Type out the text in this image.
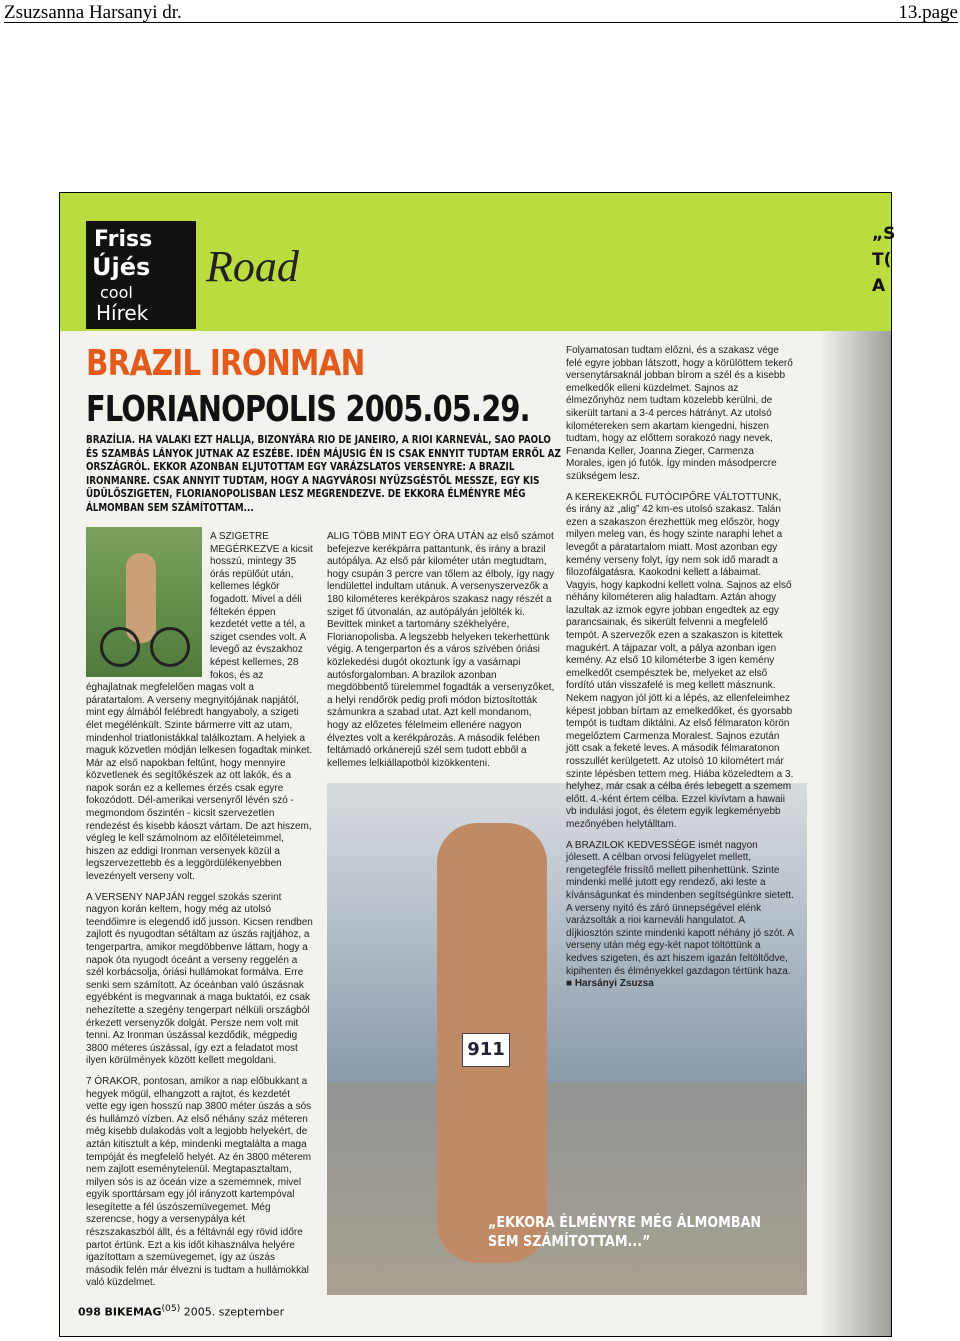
Zsuzsanna Harsanyi dr.	13.page
Friss
Újés
cool
Hírek
Road
„S
T(
A
BRAZIL IRONMAN
FLORIANOPOLIS 2005.05.29.
BRAZÍLIA. HA VALAKI EZT HALLJA, BIZONYÁRA RIO DE JANEIRO, A RIOI KARNEVÁL, SAO PAOLO ÉS SZAMBÁS LÁNYOK JUTNAK AZ ESZÉBE. IDÉN MÁJUSIG ÉN IS CSAK ENNYIT TUDTAM ERRŐL AZ ORSZÁGRÓL. EKKOR AZONBAN ELJUTOTTAM EGY VARÁZSLATOS VERSENYRE: A BRAZIL IRONMANRE. CSAK ANNYIT TUDTAM, HOGY A NAGYVÁROSI NYÜZSGÉSTŐL MESSZE, EGY KIS ÜDÜLŐSZIGETEN, FLORIANOPOLISBAN LESZ MEGRENDEZVE. DE EKKORA ÉLMÉNYRE MÉG ÁLMOMBAN SEM SZÁMÍTOTTAM...

A SZIGETRE MEGÉRKEZVE a kicsit hosszú, mintegy 35 órás repülőút után, kellemes légkör fogadott. Mivel a déli féltekén éppen kezdetét vette a tél, a sziget csendes volt. A levegő az évszakhoz képest kellemes, 28 fokos, és az éghajlatnak megfelelően magas volt a páratartalom. A verseny megnyitójának napjától, mint egy álmából felébredt hangyaboly, a szigeti élet megélénkült. Szinte bármerre vitt az utam, mindenhol triatlonistákkal találkoztam. A helyiek a maguk közvetlen módján lelkesen fogadtak minket. Már az első napokban feltűnt, hogy mennyire közvetlenek és segítőkészek az ott lakók, és a napok során ez a kellemes érzés csak egyre fokozódott. Dél-amerikai versenyről lévén szó - megmondom őszintén - kicsit szervezetlen rendezést és kisebb káoszt vártam. De azt hiszem, végleg le kell számolnom az előítéleteimmel, hiszen az eddigi Ironman versenyek közül a legszervezettebb és a leggördülékenyebben levezényelt verseny volt.

A VERSENY NAPJÁN reggel szokás szerint nagyon korán keltem, hogy még az utolsó teendőimre is elegendő idő jusson. Kicsen rendben zajlott és nyugodtan sétáltam az úszás rajtjához, a tengerpartra, amikor megdöbbenve láttam, hogy a napok óta nyugodt óceánt a verseny reggelén a szél korbácsolja, óriási hullámokat formálva. Erre senki sem számított. Az óceánban való úszásnak egyébként is megvannak a maga buktatói, ez csak nehezítette a szegény tengerpart nélküli országból érkezett versenyzők dolgát. Persze nem volt mit tenni. Az Ironman úszással kezdődik, mégpedig 3800 méteres úszással, így ezt a feladatot most ilyen körülmények között kellett megoldani.

7 ÓRAKOR, pontosan, amikor a nap előbukkant a hegyek mögül, elhangzott a rajtot, és kezdetét vette egy igen hosszú nap 3800 méter úszás a sós és hullámzó vízben. Az első néhány száz méteren még kisebb dulakodás volt a legjobb helyekért, de aztán kitisztult a kép, mindenki megtalálta a maga tempóját és megfelelő helyét. Az én 3800 méterem nem zajlott eseménytelenül. Megtapasztaltam, milyen sós is az óceán vize a szememnek, mivel egyik sporttársam egy jól irányzott kartempóval lesegítette a fél úszószemüvegemet. Még szerencse, hogy a versenypálya két részszakaszból állt, és a féltávnál egy rövid időre partot értünk. Ezt a kis időt kihasználva helyére igazítottam a szemüvegemet, így az úszás második felén már élvezni is tudtam a hullámokkal való küzdelmet.

ALIG TÖBB MINT EGY ÓRA UTÁN az első számot befejezve kerékpárra pattantunk, és irány a brazil autópálya. Az első pár kilométer után megtudtam, hogy csupán 3 percre van tőlem az élboly, így nagy lendülettel indultam utánuk. A versenyszervezők a 180 kilométeres kerékpáros szakasz nagy részét a sziget fő útvonalán, az autópályán jelölték ki. Bevittek minket a tartomány székhelyére, Florianopolisba. A legszebb helyeken tekerhettünk végig. A tengerparton és a város szívében óriási közlekedési dugót okoztunk így a vasárnapi autósforgalomban. A brazilok azonban megdöbbentő türelemmel fogadták a versenyzőket, a helyi rendőrök pedig profi módon biztosították számunkra a szabad utat. Azt kell mondanom, hogy az előzetes félelmeim ellenére nagyon élveztes volt a kerékpározás. A második felében feltámadó orkánerejű szél sem tudott ebből a kellemes lelkiállapotból kizökkenteni.

911
„EKKORA ÉLMÉNYRE MÉG ÁLMOMBAN SEM SZÁMÍTOTTAM...”

Folyamatosan tudtam előzni, és a szakasz vége felé egyre jobban látszott, hogy a körülöttem tekerő versenytársaknál jobban bírom a szél és a kisebb emelkedők elleni küzdelmet. Sajnos az élmezőnyhöz nem tudtam közelebb kerülni, de sikerült tartani a 3-4 perces hátrányt. Az utolsó kilométereken sem akartam kiengedni, hiszen tudtam, hogy az előttem sorakozó nagy nevek, Fenanda Keller, Joanna Zieger, Carmenza Morales, igen jó futók. Így minden másodpercre szükségem lesz.

A KEREKEKRŐL FUTÓCIPŐRE VÁLTOTTUNK, és irány az „alig” 42 km-es utolsó szakasz. Talán ezen a szakaszon érezhettük meg először, hogy milyen meleg van, és hogy szinte naraphi lehet a levegőt a páratartalom miatt. Most azonban egy kemény verseny folyt, így nem sok idő maradt a filozofálgatásra. Kaokodni kellett a lábaimat. Vagyis, hogy kapkodni kellett volna. Sajnos az első néhány kilométeren alig haladtam. Aztán ahogy lazultak az izmok egyre jobban engedtek az egy parancsainak, és sikerült felvenni a megfelelő tempót. A szervezők ezen a szakaszon is kitettek magukért. A tájpazar volt, a pálya azonban igen kemény. Az első 10 kilométerbe 3 igen kemény emelkedőt csempésztek be, melyeket az első fordító után visszafelé is meg kellett másznunk. Nekem nagyon jól jött ki a lépés, az ellenfeleimhez képest jobban bírtam az emelkedőket, és gyorsabb tempót is tudtam diktálni. Az első félmaraton körön megelőztem Carmenza Moralest. Sajnos ezután jött csak a feketé leves. A második félmaratonon rosszullét kerülgetett. Az utolsó 10 kilométert már szinte lépésben tettem meg. Hiába közeledtem a 3. helyhez, már csak a célba érés lebegett a szemem előtt. 4.-ként értem célba. Ezzel kivívtam a hawaii vb indulási jogot, és életem egyik legkeményebb mezőnyében helytálltam.

A BRAZILOK KEDVESSÉGE ismét nagyon jólesett. A célban orvosi felügyelet mellett, rengetegféle frissítő mellett pihenhettünk. Szinte mindenki mellé jutott egy rendező, aki leste a kívánságunkat és mindenben segítségünkre sietett. A verseny nyitó és záró ünnepségével elénk varázsolták a rioi karneváli hangulatot. A díjkiosztón szinte mindenki kapott néhány jó szót. A verseny után még egy-két napot töltöttünk a kedves szigeten, és azt hiszem igazán feltöltődve, kipihenten és élményekkel gazdagon tértünk haza. ■ Harsányi Zsuzsa

098 BIKEMAG$^{(05)}$ 2005. szeptember
